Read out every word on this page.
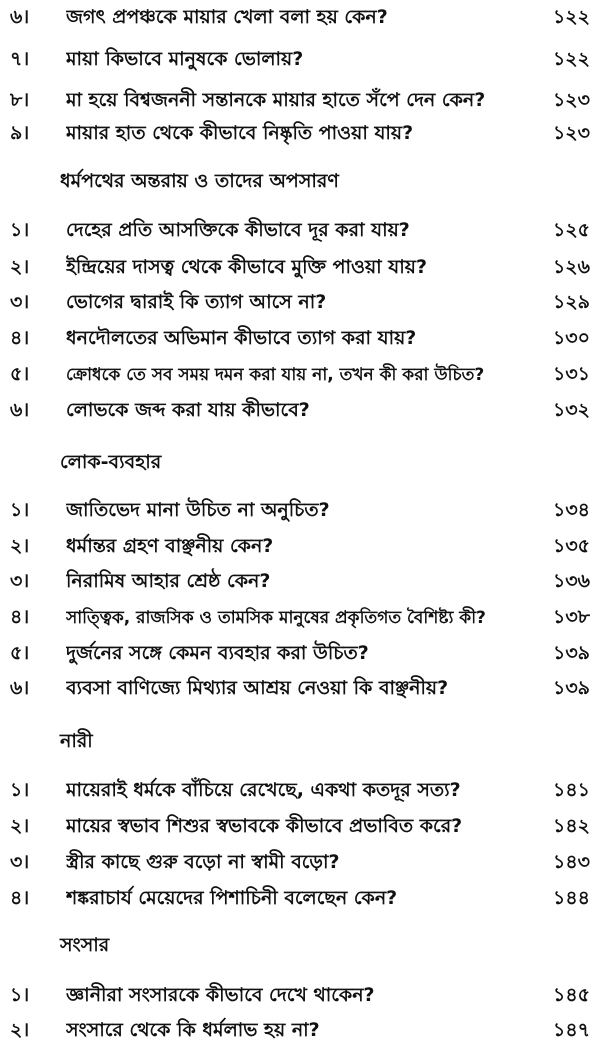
৬।	জগৎ প্রপঞ্চকে মায়ার খেলা বলা হয় কেন?	১২২
৭।	মায়া কিভাবে মানুষকে ভোলায়?	১২২
৮।	মা হয়ে বিশ্বজননী সন্তানকে মায়ার হাতে সঁপে দেন কেন?	১২৩
৯।	মায়ার হাত থেকে কীভাবে নিষ্কৃতি পাওয়া যায়?	১২৩
ধর্মপথের অন্তরায় ও তাদের অপসারণ
১।	দেহের প্রতি আসক্তিকে কীভাবে দূর করা যায়?	১২৫
২।	ইন্দ্রিয়ের দাসত্ব থেকে কীভাবে মুক্তি পাওয়া যায়?	১২৬
৩।	ভোগের দ্বারাই কি ত্যাগ আসে না?	১২৯
৪।	ধনদৌলতের অভিমান কীভাবে ত্যাগ করা যায়?	১৩০
৫।	ক্রোধকে তে সব সময় দমন করা যায় না, তখন কী করা উচিত?	১৩১
৬।	লোভকে জব্দ করা যায় কীভাবে?	১৩২
লোক-ব্যবহার
১।	জাতিভেদ মানা উচিত না অনুচিত?	১৩৪
২।	ধর্মান্তর গ্রহণ বাঞ্ছনীয় কেন?	১৩৫
৩।	নিরামিষ আহার শ্রেষ্ঠ কেন?	১৩৬
৪।	সাত্ত্বিক, রাজসিক ও তামসিক মানুষের প্রকৃতিগত বৈশিষ্ট্য কী?	১৩৮
৫।	দুর্জনের সঙ্গে কেমন ব্যবহার করা উচিত?	১৩৯
৬।	ব্যবসা বাণিজ্যে মিথ্যার আশ্রয় নেওয়া কি বাঞ্ছনীয়?	১৩৯
নারী
১।	মায়েরাই ধর্মকে বাঁচিয়ে রেখেছে, একথা কতদূর সত্য?	১৪১
২।	মায়ের স্বভাব শিশুর স্বভাবকে কীভাবে প্রভাবিত করে?	১৪২
৩।	স্ত্রীর কাছে গুরু বড়ো না স্বামী বড়ো?	১৪৩
৪।	শঙ্করাচার্য মেয়েদের পিশাচিনী বলেছেন কেন?	১৪৪
সংসার
১।	জ্ঞানীরা সংসারকে কীভাবে দেখে থাকেন?	১৪৫
২।	সংসারে থেকে কি ধর্মলাভ হয় না?	১৪৭
